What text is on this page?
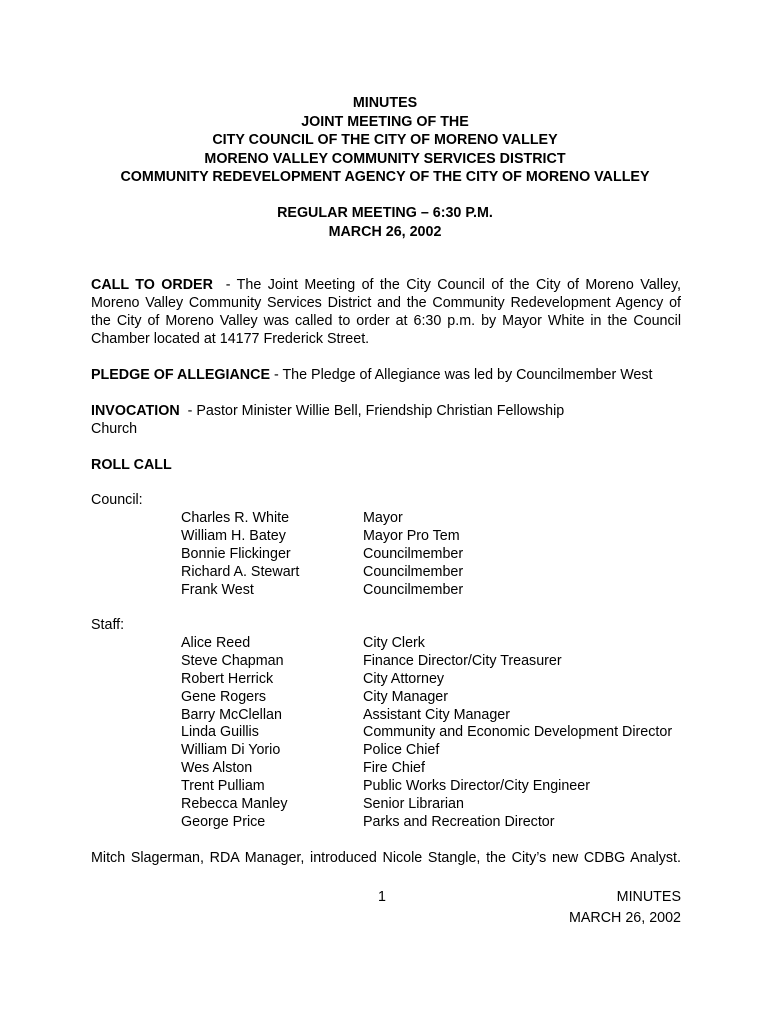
MINUTES
JOINT MEETING OF THE
CITY COUNCIL OF THE CITY OF MORENO VALLEY
MORENO VALLEY COMMUNITY SERVICES DISTRICT
COMMUNITY REDEVELOPMENT AGENCY OF THE CITY OF MORENO VALLEY
REGULAR MEETING – 6:30 P.M.
MARCH 26, 2002
CALL TO ORDER - The Joint Meeting of the City Council of the City of Moreno Valley,
Moreno Valley Community Services District and the Community Redevelopment Agency of
the City of Moreno Valley was called to order at 6:30 p.m. by Mayor White in the Council
Chamber located at 14177 Frederick Street.
PLEDGE OF ALLEGIANCE - The Pledge of Allegiance was led by Councilmember West
INVOCATION - Pastor Minister Willie Bell, Friendship Christian Fellowship
Church
ROLL CALL
Council:
Charles R. White	Mayor
William H. Batey	Mayor Pro Tem
Bonnie Flickinger	Councilmember
Richard A. Stewart	Councilmember
Frank West	Councilmember
Staff:
Alice Reed	City Clerk
Steve Chapman	Finance Director/City Treasurer
Robert Herrick	City Attorney
Gene Rogers	City Manager
Barry McClellan	Assistant City Manager
Linda Guillis	Community and Economic Development Director
William Di Yorio	Police Chief
Wes Alston	Fire Chief
Trent Pulliam	Public Works Director/City Engineer
Rebecca Manley	Senior Librarian
George Price	Parks and Recreation Director
Mitch Slagerman, RDA Manager, introduced Nicole Stangle, the City’s new CDBG Analyst.
1	MINUTES
MARCH 26, 2002
